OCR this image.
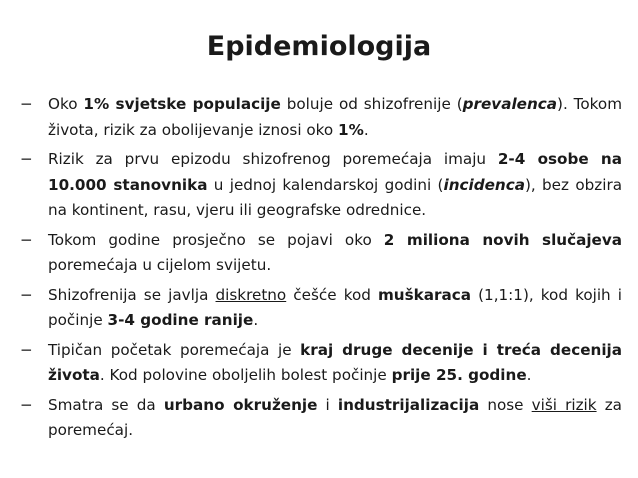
Epidemiologija
− Oko 1% svjetske populacije boluje od shizofrenije (prevalenca). Tokom života, rizik za obolijevanje iznosi oko 1%.
− Rizik za prvu epizodu shizofrenog poremećaja imaju 2-4 osobe na 10.000 stanovnika u jednoj kalendarskoj godini (incidenca), bez obzira na kontinent, rasu, vjeru ili geografske odrednice.
− Tokom godine prosječno se pojavi oko 2 miliona novih slučajeva poremećaja u cijelom svijetu.
− Shizofrenija se javlja diskretno češće kod muškaraca (1,1:1), kod kojih i počinje 3-4 godine ranije.
− Tipičan početak poremećaja je kraj druge decenije i treća decenija života. Kod polovine oboljelih bolest počinje prije 25. godine.
− Smatra se da urbano okruženje i industrijalizacija nose viši rizik za poremećaj.
